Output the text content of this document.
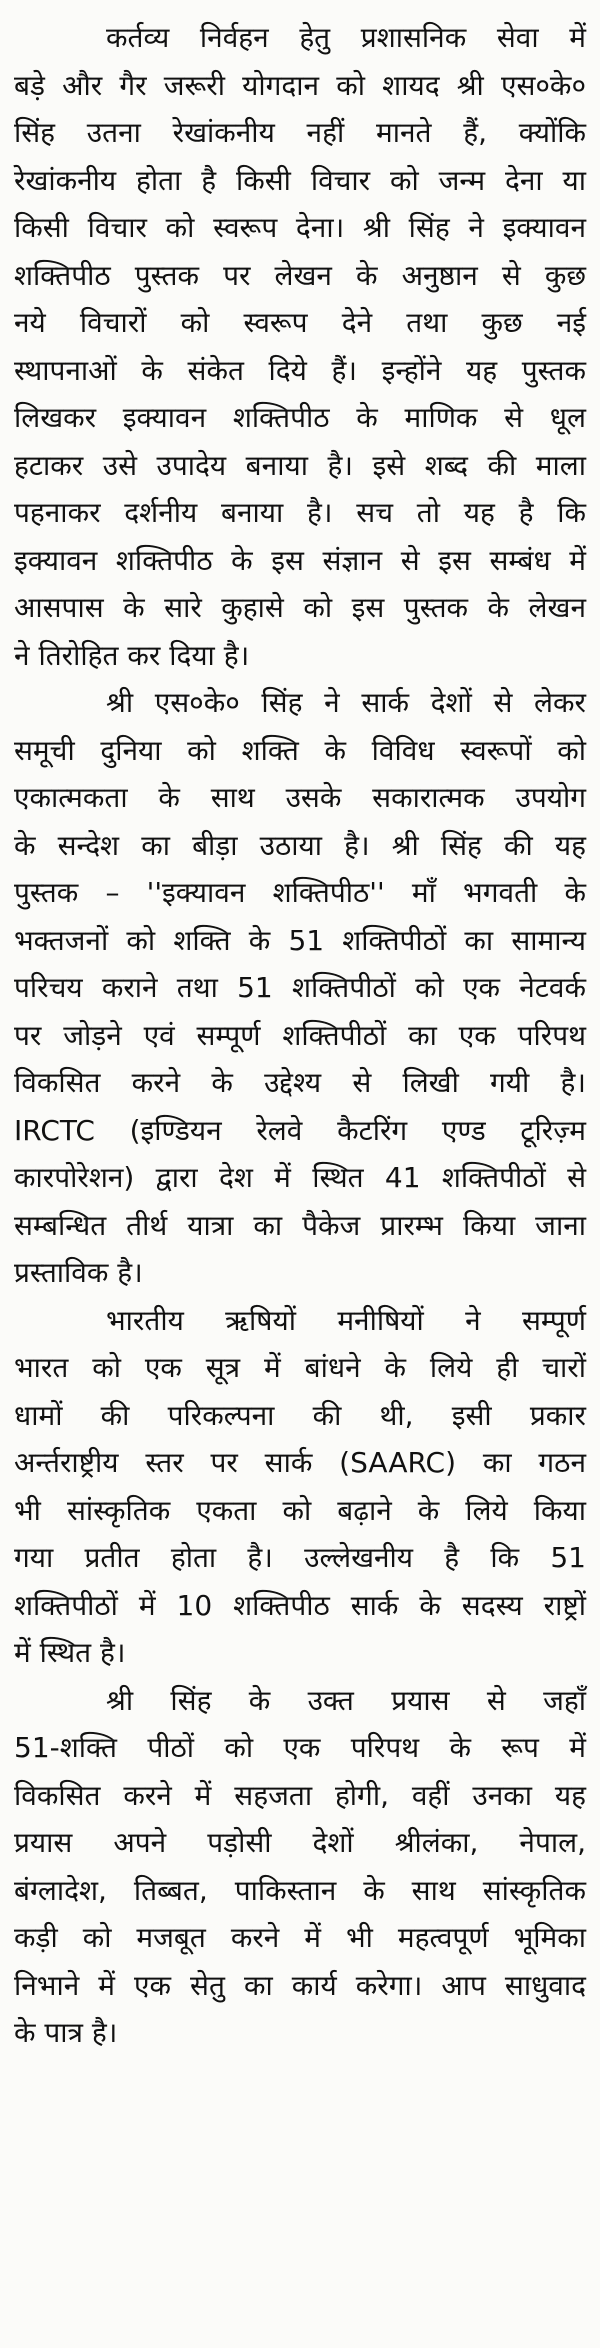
कर्तव्य निर्वहन हेतु प्रशासनिक सेवा में
बड़े और गैर जरूरी योगदान को शायद श्री एस०के०
सिंह उतना रेखांकनीय नहीं मानते हैं, क्योंकि
रेखांकनीय होता है किसी विचार को जन्म देना या
किसी विचार को स्वरूप देना। श्री सिंह ने इक्यावन
शक्तिपीठ पुस्तक पर लेखन के अनुष्ठान से कुछ
नये विचारों को स्वरूप देने तथा कुछ नई
स्थापनाओं के संकेत दिये हैं। इन्होंने यह पुस्तक
लिखकर इक्यावन शक्तिपीठ के माणिक से धूल
हटाकर उसे उपादेय बनाया है। इसे शब्द की माला
पहनाकर दर्शनीय बनाया है। सच तो यह है कि
इक्यावन शक्तिपीठ के इस संज्ञान से इस सम्बंध में
आसपास के सारे कुहासे को इस पुस्तक के लेखन
ने तिरोहित कर दिया है।
श्री एस०के० सिंह ने सार्क देशों से लेकर
समूची दुनिया को शक्ति के विविध स्वरूपों को
एकात्मकता के साथ उसके सकारात्मक उपयोग
के सन्देश का बीड़ा उठाया है। श्री सिंह की यह
पुस्तक – ''इक्यावन शक्तिपीठ'' माँ भगवती के
भक्तजनों को शक्ति के 51 शक्तिपीठों का सामान्य
परिचय कराने तथा 51 शक्तिपीठों को एक नेटवर्क
पर जोड़ने एवं सम्पूर्ण शक्तिपीठों का एक परिपथ
विकसित करने के उद्देश्य से लिखी गयी है।
IRCTC (इण्डियन रेलवे कैटरिंग एण्ड टूरिज़्म
कारपोरेशन) द्वारा देश में स्थित 41 शक्तिपीठों से
सम्बन्धित तीर्थ यात्रा का पैकेज प्रारम्भ किया जाना
प्रस्ताविक है।
भारतीय ऋषियों मनीषियों ने सम्पूर्ण
भारत को एक सूत्र में बांधने के लिये ही चारों
धामों की परिकल्पना की थी, इसी प्रकार
अर्न्तराष्ट्रीय स्तर पर सार्क (SAARC) का गठन
भी सांस्कृतिक एकता को बढ़ाने के लिये किया
गया प्रतीत होता है। उल्लेखनीय है कि 51
शक्तिपीठों में 10 शक्तिपीठ सार्क के सदस्य राष्ट्रों
में स्थित है।
श्री सिंह के उक्त प्रयास से जहाँ
51-शक्ति पीठों को एक परिपथ के रूप में
विकसित करने में सहजता होगी, वहीं उनका यह
प्रयास अपने पड़ोसी देशों श्रीलंका, नेपाल,
बंग्लादेश, तिब्बत, पाकिस्तान के साथ सांस्कृतिक
कड़ी को मजबूत करने में भी महत्वपूर्ण भूमिका
निभाने में एक सेतु का कार्य करेगा। आप साधुवाद
के पात्र है।
